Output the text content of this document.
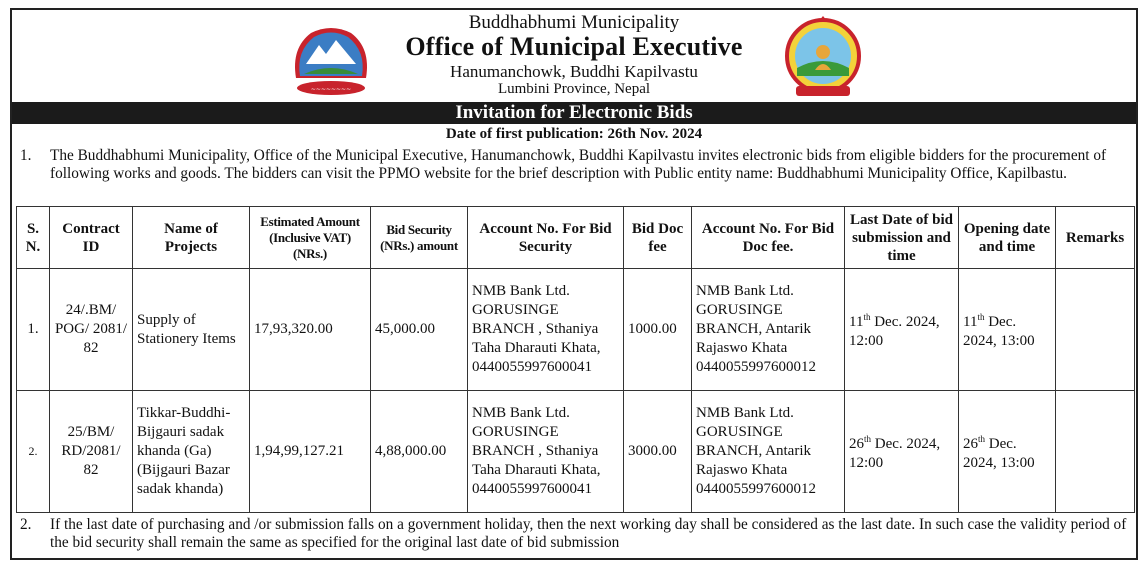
~~~~~~~~
Buddhabhumi Municipality
Office of Municipal Executive
Hanumanchowk, Buddhi Kapilvastu
Lumbini Province, Nepal
Invitation for Electronic Bids
Date of first publication: 26th Nov. 2024
1. The Buddhabhumi Municipality, Office of the Municipal Executive, Hanumanchowk, Buddhi Kapilvastu invites electronic bids from eligible bidders for the procurement of following works and goods. The bidders can visit the PPMO website for the brief description with Public entity name: Buddhabhumi Municipality Office, Kapilbastu.
S. N.	Contract ID	Name of Projects	Estimated Amount (Inclusive VAT) (NRs.)	Bid Security (NRs.) amount	Account No. For Bid Security	Bid Doc fee	Account No. For Bid Doc fee.	Last Date of bid submission and time	Opening date and time	Remarks
1.	24/.BM/ POG/ 2081/ 82	Supply of Stationery Items	17,93,320.00	45,000.00	NMB Bank Ltd. GORUSINGE BRANCH , Sthaniya Taha Dharauti Khata, 0440055997600041	1000.00	NMB Bank Ltd. GORUSINGE BRANCH, Antarik Rajaswo Khata 0440055997600012	11th Dec. 2024, 12:00	11th Dec. 2024, 13:00	
2.	25/BM/ RD/2081/ 82	Tikkar-Buddhi-Bijgauri sadak khanda (Ga) (Bijgauri Bazar sadak khanda)	1,94,99,127.21	4,88,000.00	NMB Bank Ltd. GORUSINGE BRANCH , Sthaniya Taha Dharauti Khata, 0440055997600041	3000.00	NMB Bank Ltd. GORUSINGE BRANCH, Antarik Rajaswo Khata 0440055997600012	26th Dec. 2024, 12:00	26th Dec. 2024, 13:00	
2. If the last date of purchasing and /or submission falls on a government holiday, then the next working day shall be considered as the last date. In such case the validity period of the bid security shall remain the same as specified for the original last date of bid submission
